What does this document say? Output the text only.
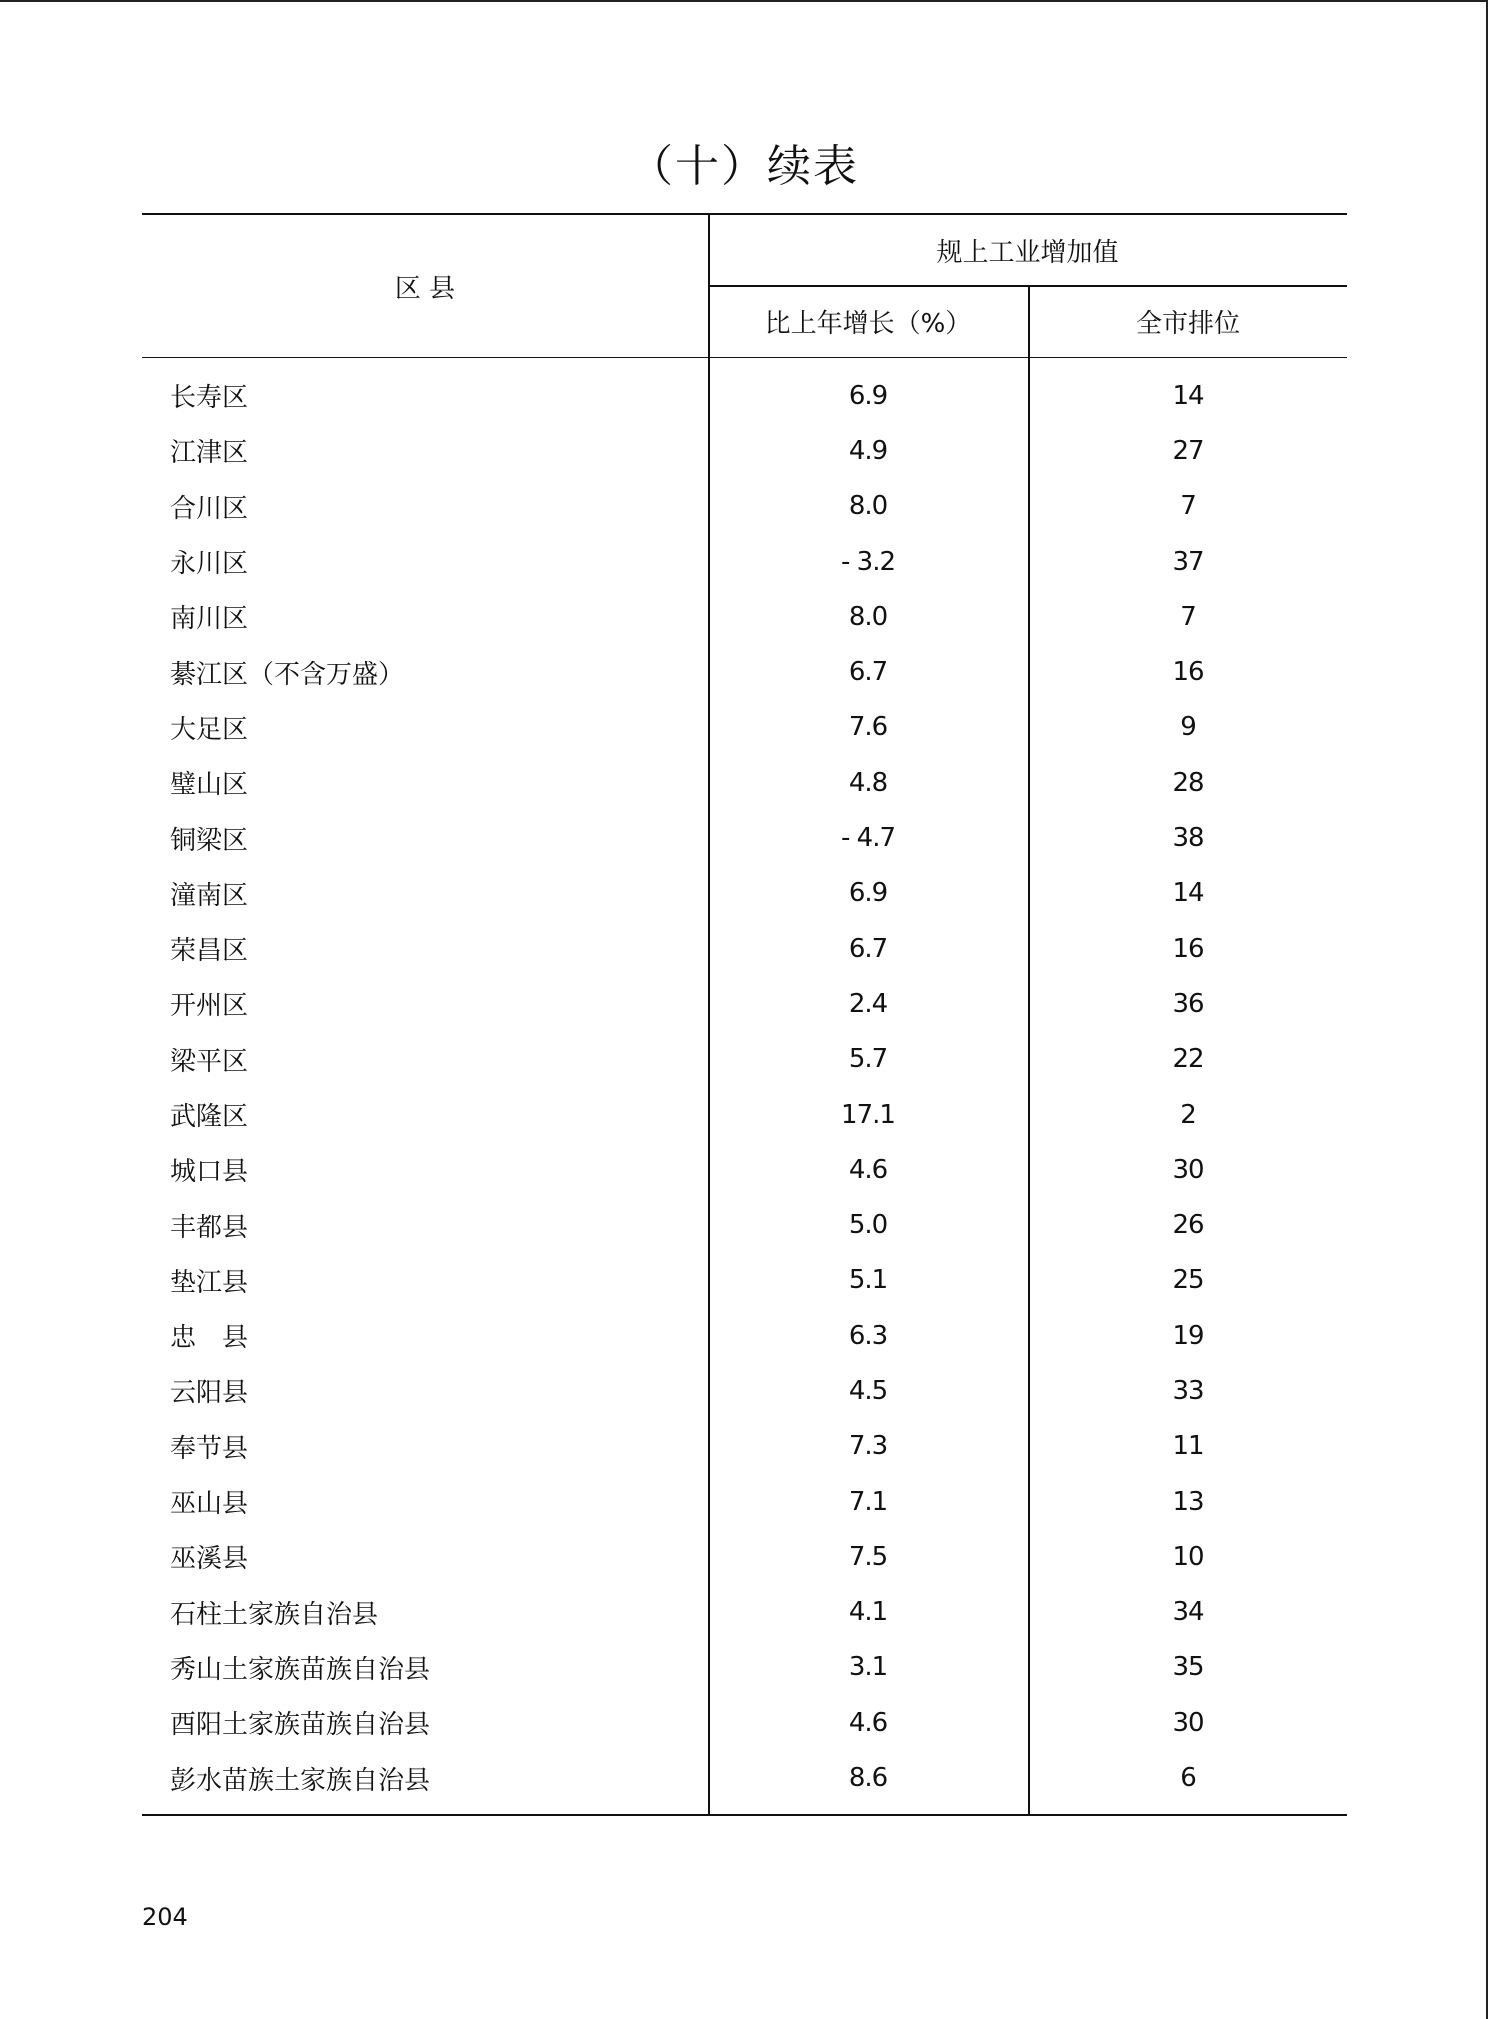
（十）续表
区 县
规上工业增加值
比上年增长（%）	全市排位
长寿区	6.9	14
江津区	4.9	27
合川区	8.0	7
永川区	- 3.2	37
南川区	8.0	7
綦江区（不含万盛）	6.7	16
大足区	7.6	9
璧山区	4.8	28
铜梁区	- 4.7	38
潼南区	6.9	14
荣昌区	6.7	16
开州区	2.4	36
梁平区	5.7	22
武隆区	17.1	2
城口县	4.6	30
丰都县	5.0	26
垫江县	5.1	25
忠　县	6.3	19
云阳县	4.5	33
奉节县	7.3	11
巫山县	7.1	13
巫溪县	7.5	10
石柱土家族自治县	4.1	34
秀山土家族苗族自治县	3.1	35
酉阳土家族苗族自治县	4.6	30
彭水苗族土家族自治县	8.6	6
204
